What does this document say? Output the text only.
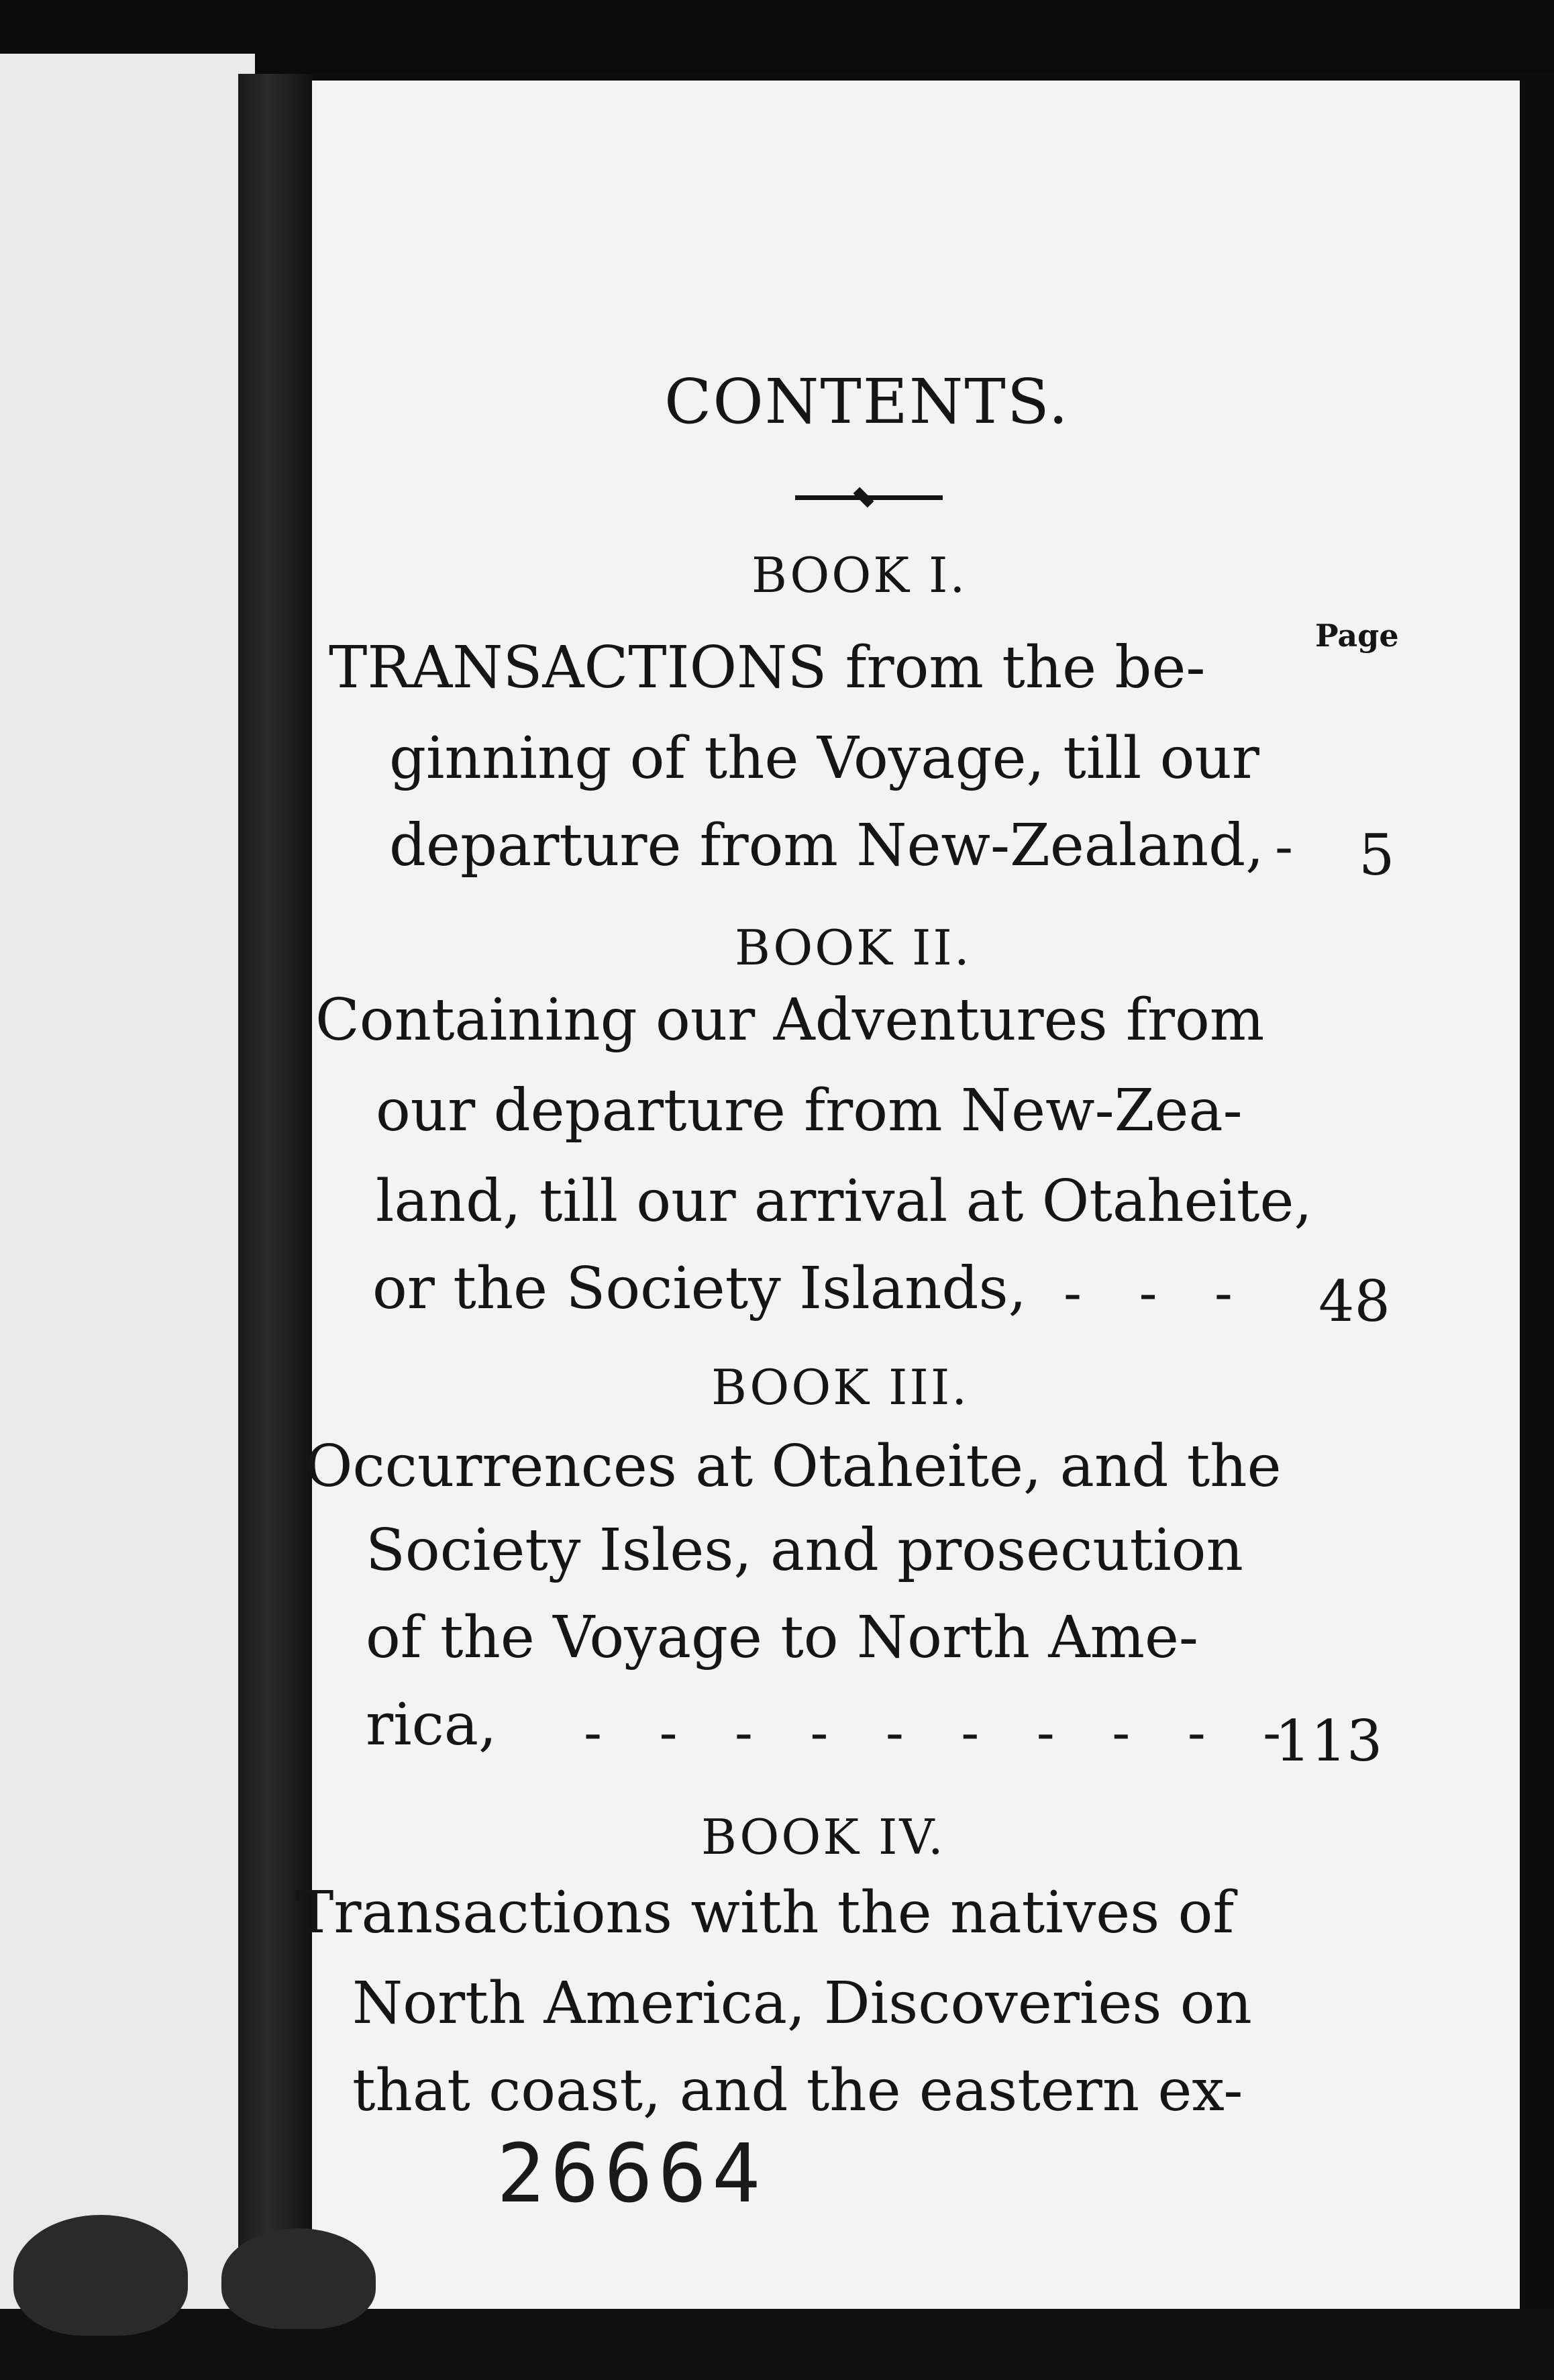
CONTENTS.
BOOK I.
Page
TRANSACTIONS from the be-
ginning of the Voyage, till our
departure from New-Zealand, - 5
BOOK II.
Containing our Adventures from
our departure from New-Zea-
land, till our arrival at Otaheite,
or the Society Islands, - - - 48
BOOK III.
Occurrences at Otaheite, and the
Society Isles, and prosecution
of the Voyage to North Ame-
rica, - - - - - - - - - -
113
BOOK IV.
Transactions with the natives of
North America, Discoveries on
that coast, and the eastern ex-
26664
